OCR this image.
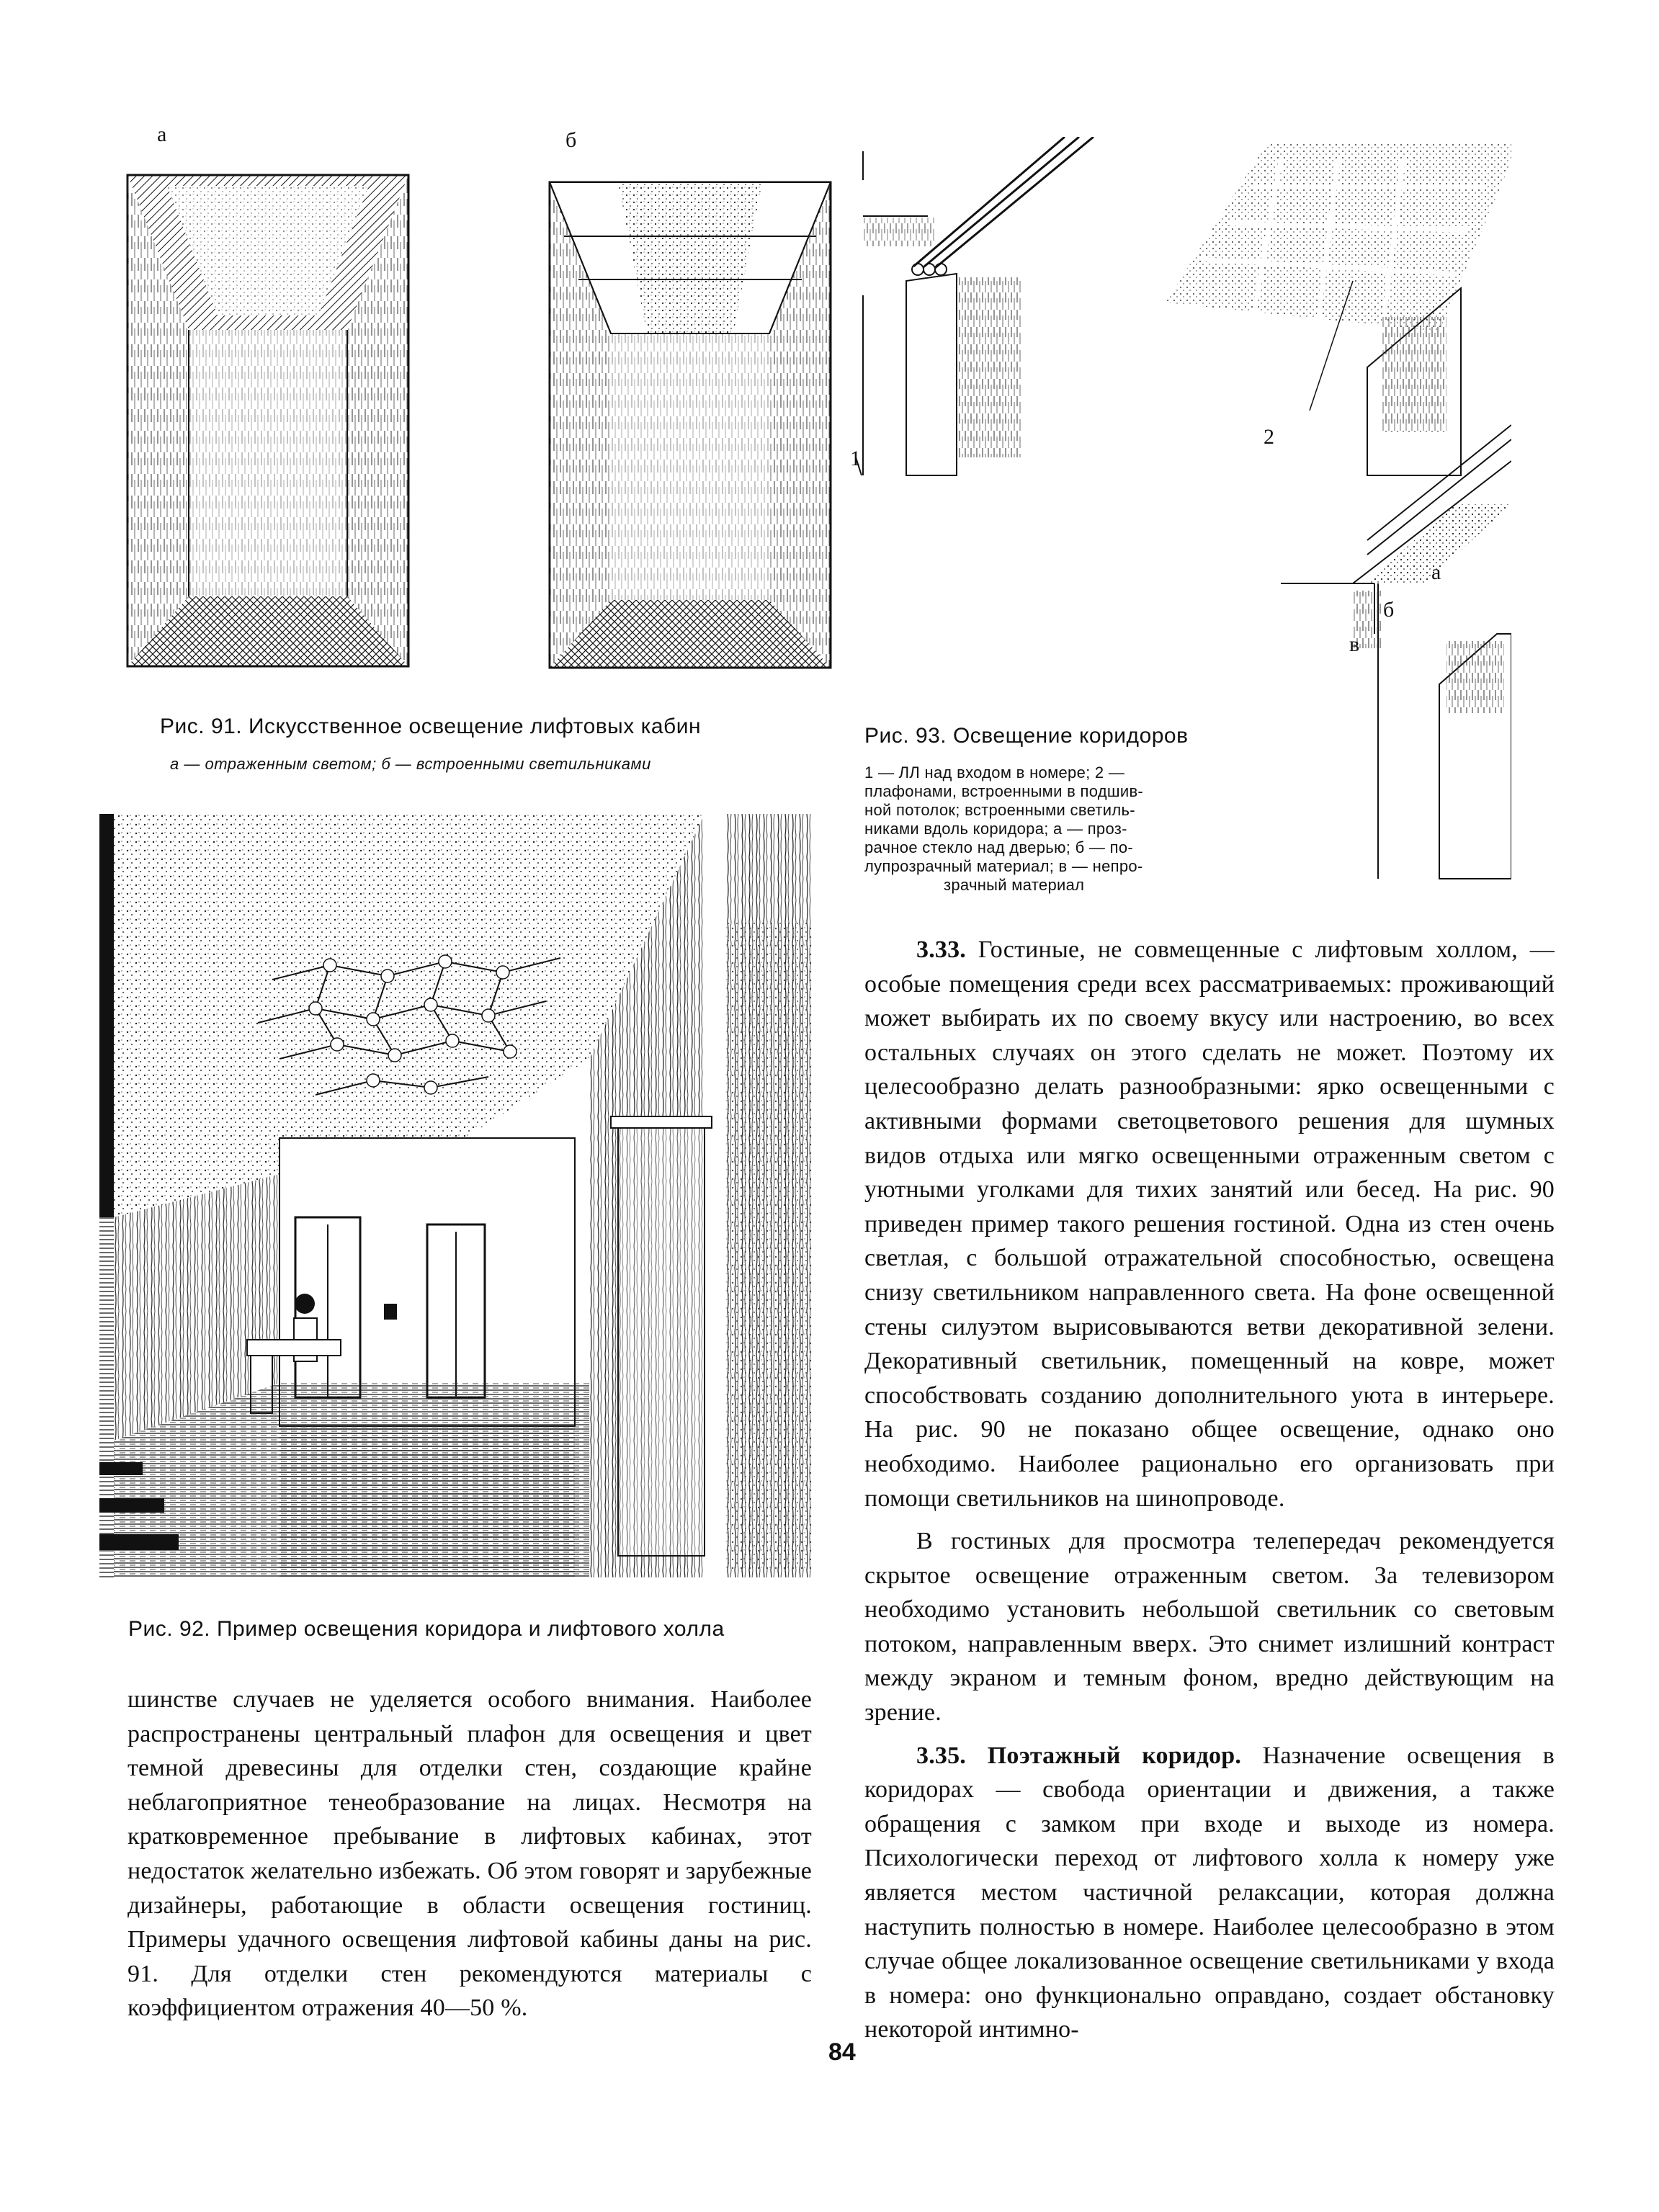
а	б
Рис. 91. Искусственное освещение лифтовых кабин
а — отраженным светом; б — встроенными светильниками
1
2
а
б
в
Рис. 93. Освещение коридоров
1 — ЛЛ над входом в номере; 2 —
плафонами, встроенными в подшив-
ной потолок; встроенными светиль-
никами вдоль коридора; а — проз-
рачное стекло над дверью; б — по-
лупрозрачный материал; в — непро-
зрачный материал
Рис. 92. Пример освещения коридора и лифтового холла

шинстве случаев не уделяется особого внимания. Наиболее распространены центральный плафон для освещения и цвет темной древесины для отделки стен, создающие крайне неблагоприятное тенеобразование на лицах. Несмотря на кратковременное пребывание в лифтовых кабинах, этот недостаток желательно избежать. Об этом говорят и зарубежные дизайнеры, работающие в области освещения гостиниц. Примеры удачного освещения лифтовой кабины даны на рис. 91. Для отделки стен рекомендуются материалы с коэффициентом отражения 40—50 %.

3.33. Гостиные, не совмещенные с лифтовым холлом, — особые помещения среди всех рассматриваемых: проживающий может выбирать их по своему вкусу или настроению, во всех остальных случаях он этого сделать не может. Поэтому их целесообразно делать разнообразными: ярко освещенными с активными формами светоцветового решения для шумных видов отдыха или мягко освещенными отраженным светом с уютными уголками для тихих занятий или бесед. На рис. 90 приведен пример такого решения гостиной. Одна из стен очень светлая, с большой отражательной способностью, освещена снизу светильником направленного света. На фоне освещенной стены силуэтом вырисовываются ветви декоративной зелени. Декоративный светильник, помещенный на ковре, может способствовать созданию дополнительного уюта в интерьере. На рис. 90 не показано общее освещение, однако оно необходимо. Наиболее рационально его организовать при помощи светильников на шинопроводе.

В гостиных для просмотра телепередач рекомендуется скрытое освещение отраженным светом. За телевизором необходимо установить небольшой светильник со световым потоком, направленным вверх. Это снимет излишний контраст между экраном и темным фоном, вредно действующим на зрение.

3.35. Поэтажный коридор. Назначение освещения в коридорах — свобода ориентации и движения, а также обращения с замком при входе и выходе из номера. Психологически переход от лифтового холла к номеру уже является местом частичной релаксации, которая должна наступить полностью в номере. Наиболее целесообразно в этом случае общее локализованное освещение светильниками у входа в номера: оно функционально оправдано, создает обстановку некоторой интимно-

84
